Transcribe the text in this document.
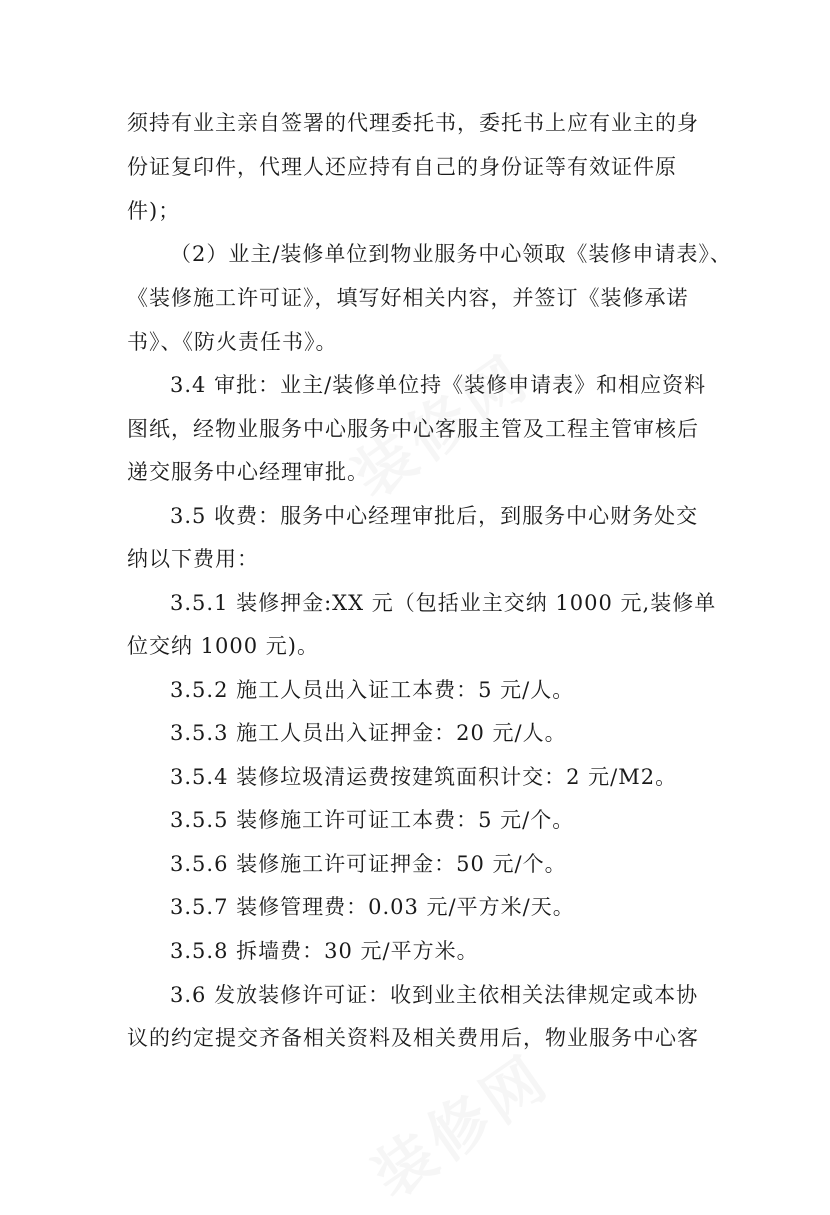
须持有业主亲自签署的代理委托书，委托书上应有业主的身
份证复印件，代理人还应持有自己的身份证等有效证件原
件)；
（2）业主/装修单位到物业服务中心领取《装修申请表》、
《装修施工许可证》，填写好相关内容，并签订《装修承诺
书》、《防火责任书》。
3.4 审批：业主/装修单位持《装修申请表》和相应资料
图纸，经物业服务中心服务中心客服主管及工程主管审核后
递交服务中心经理审批。
3.5 收费：服务中心经理审批后，到服务中心财务处交
纳以下费用：
3.5.1 装修押金:XX 元（包括业主交纳 1000 元,装修单
位交纳 1000 元)。
3.5.2 施工人员出入证工本费：5 元/人。
3.5.3 施工人员出入证押金：20 元/人。
3.5.4 装修垃圾清运费按建筑面积计交：2 元/M2。
3.5.5 装修施工许可证工本费：5 元/个。
3.5.6 装修施工许可证押金：50 元/个。
3.5.7 装修管理费：0.03 元/平方米/天。
3.5.8 拆墙费：30 元/平方米。
3.6 发放装修许可证：收到业主依相关法律规定或本协
议的约定提交齐备相关资料及相关费用后，物业服务中心客
